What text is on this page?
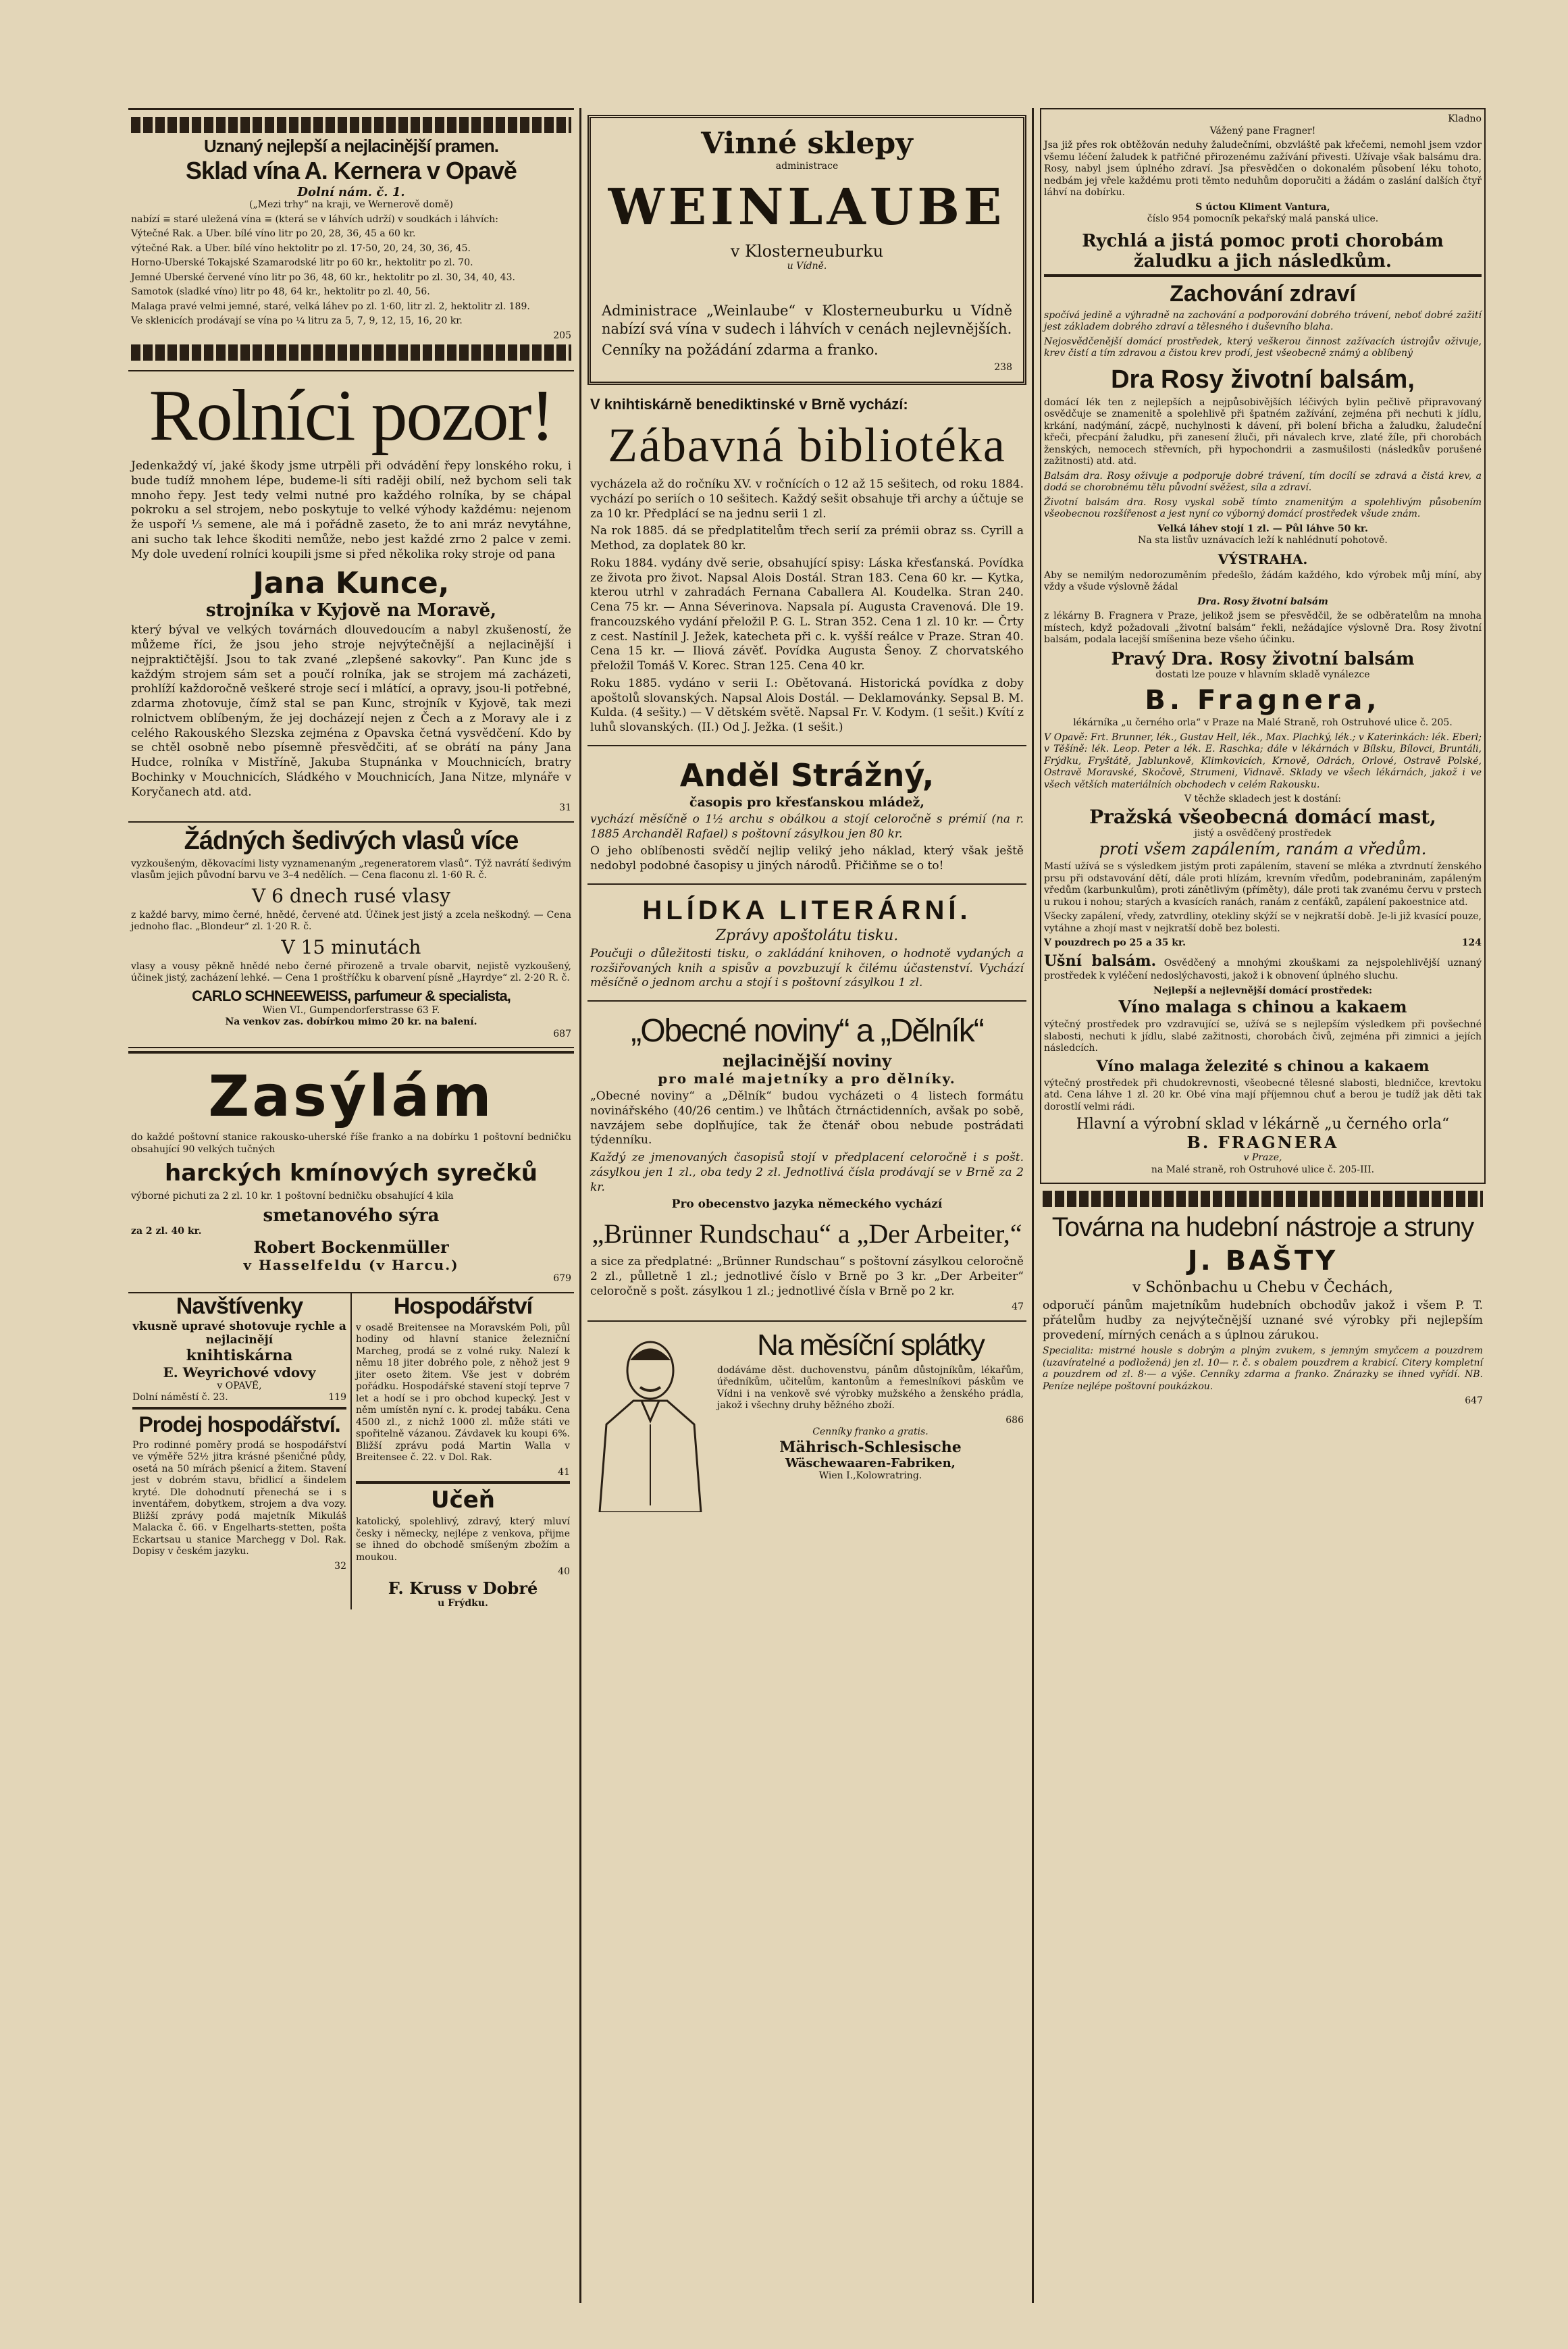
Uznaný nejlepší a nejlacinější pramen.
Sklad vína A. Kernera v Opavě
Dolní nám. č. 1.
(„Mezi trhy“ na kraji, ve Wernerově domě)

nabízí ≡ staré uležená vína ≡ (která se v láhvích udrží) v soudkách i láhvích:

Výtečné Rak. a Uber. bílé víno litr po 20, 28, 36, 45 a 60 kr.

výtečné Rak. a Uber. bílé víno hektolitr po zl. 17·50, 20, 24, 30, 36, 45.

Horno-Uberské Tokajské Szamarodské litr po 60 kr., hektolitr po zl. 70.

Jemné Uberské červené víno litr po 36, 48, 60 kr., hektolitr po zl. 30, 34, 40, 43.

Samotok (sladké víno) litr po 48, 64 kr., hektolitr po zl. 40, 56.

Malaga pravé velmi jemné, staré, velká láhev po zl. 1·60, litr zl. 2, hektolitr zl. 189.

Ve sklenicích prodávají se vína po ¼ litru za 5, 7, 9, 12, 15, 16, 20 kr.

205
Rolníci pozor!

Jedenkaždý ví, jaké škody jsme utrpěli při odvádění řepy lonského roku, i bude tudíž mnohem lépe, budeme-li síti raději obilí, než bychom seli tak mnoho řepy. Jest tedy velmi nutné pro každého rolníka, by se chápal pokroku a sel strojem, nebo poskytuje to velké výhody každému: nejenom že uspoří ⅓ semene, ale má i pořádně zaseto, že to ani mráz nevytáhne, ani sucho tak lehce škoditi nemůže, nebo jest každé zrno 2 palce v zemi. My dole uvedení rolníci koupili jsme si před několika roky stroje od pana

Jana Kunce,
strojníka v Kyjově na Moravě,

který býval ve velkých továrnách dlouvedoucím a nabyl zkušeností, že můžeme říci, že jsou jeho stroje nejvýtečnější a nejlacinější i nejpraktičtější. Jsou to tak zvané „zlepšené sakovky“. Pan Kunc jde s každým strojem sám set a poučí rolníka, jak se strojem má zacházeti, prohlíží každoročně veškeré stroje secí i mlátící, a opravy, jsou-li potřebné, zdarma zhotovuje, čímž stal se pan Kunc, strojník v Kyjově, tak mezi rolnictvem oblíbeným, že jej docházejí nejen z Čech a z Moravy ale i z celého Rakouského Slezska zejména z Opavska četná vysvědčení. Kdo by se chtěl osobně nebo písemně přesvědčiti, ať se obrátí na pány Jana Hudce, rolníka v Mistříně, Jakuba Stupnánka v Mouchnicích, bratry Bochinky v Mouchnicích, Sládkého v Mouchnicích, Jana Nitze, mlynáře v Koryčanech atd. atd.

31
Žádných šedivých vlasů více

vyzkoušeným, děkovacími listy vyznamenaným „regeneratorem vlasů“. Týž navrátí šedivým vlasům jejich původní barvu ve 3–4 nedělích. — Cena flaconu zl. 1·60 R. č.

V 6 dnech rusé vlasy

z každé barvy, mimo černé, hnědé, červené atd. Účinek jest jistý a zcela neškodný. — Cena jednoho flac. „Blondeur“ zl. 1·20 R. č.

V 15 minutách

vlasy a vousy pěkně hnědé nebo černé přirozeně a trvale obarvit, nejistě vyzkoušený, účinek jistý, zacházení lehké. — Cena 1 proštříčku k obarvení písně „Hayrdye“ zl. 2·20 R. č.

CARLO SCHNEEWEISS, parfumeur & specialista,
Wien VI., Gumpendorferstrasse 63 F.
Na venkov zas. dobírkou mimo 20 kr. na balení.
687
Zasýlám

do každé poštovní stanice rakousko-uherské říše franko a na dobírku 1 poštovní bedničku obsahující 90 velkých tučných

harckých kmínových syrečků

výborné pichuti za 2 zl. 10 kr. 1 poštovní bedničku obsahující 4 kila

smetanového sýra
za 2 zl. 40 kr.
Robert Bockenmüller
v Hasselfeldu (v Harcu.)
679
Navštívenky
vkusně upravé shotovuje rychle a nejlacinějí
knihtiskárna
E. Weyrichové vdovy
v OPAVĚ,
Dolní náměstí č. 23.	119
Prodej hospodářství.

Pro rodinné poměry prodá se hospodářství ve výměře 52½ jitra krásné pšeničné půdy, osetá na 50 mírách pšenicí a žitem. Stavení jest v dobrém stavu, břidlicí a šindelem kryté. Dle dohodnutí přenechá se i s inventářem, dobytkem, strojem a dva vozy. Bližší zprávy podá majetník Mikuláš Malacka č. 66. v Engelharts-stetten, pošta Eckartsau u stanice Marchegg v Dol. Rak. Dopisy v českém jazyku.

32
Hospodářství

v osadě Breitensee na Moravském Poli, půl hodiny od hlavní stanice železniční Marcheg, prodá se z volné ruky. Nalezí k němu 18 jiter dobrého pole, z něhož jest 9 jiter oseto žitem. Vše jest v dobrém pořádku. Hospodářské stavení stojí teprve 7 let a hodí se i pro obchod kupecký. Jest v něm umístěn nyní c. k. prodej tabáku. Cena 4500 zl., z nichž 1000 zl. může státi ve spořitelně vázanou. Závdavek ku koupi 6%. Bližší zprávu podá Martin Walla v Breitensee č. 22. v Dol. Rak.

41
Učeň

katolický, spolehlivý, zdravý, který mluví česky i německy, nejlépe z venkova, přijme se ihned do obchodě smíšeným zbožím a moukou.

40
F. Kruss v Dobré
u Frýdku.
Vinné sklepy
administrace
WEINLAUBE
v Klosterneuburku
u Vídně.

Administrace „Weinlaube“ v Klosterneuburku u Vídně nabízí svá vína v sudech i láhvích v cenách nejlevnějších.

Cenníky na požádání zdarma a franko.

238
V knihtiskárně benediktinské v Brně vychází:
Zábavná bibliotéka

vycházela až do ročníku XV. v ročnících o 12 až 15 sešitech, od roku 1884. vychází po seriích o 10 sešitech. Každý sešit obsahuje tři archy a účtuje se za 10 kr. Předplácí se na jednu serii 1 zl.

Na rok 1885. dá se předplatitelům třech serií za prémii obraz ss. Cyrill a Method, za doplatek 80 kr.

Roku 1884. vydány dvě serie, obsahující spisy: Láska křesťanská. Povídka ze života pro život. Napsal Alois Dostál. Stran 183. Cena 60 kr. — Kytka, kterou utrhl v zahradách Fernana Caballera Al. Koudelka. Stran 240. Cena 75 kr. — Anna Séverinova. Napsala pí. Augusta Cravenová. Dle 19. francouzského vydání přeložil P. G. L. Stran 352. Cena 1 zl. 10 kr. — Črty z cest. Nastínil J. Ježek, katecheta při c. k. vyšší reálce v Praze. Stran 40. Cena 15 kr. — Iliová závěť. Povídka Augusta Šenoy. Z chorvatského přeložil Tomáš V. Korec. Stran 125. Cena 40 kr.

Roku 1885. vydáno v serii I.: Obětovaná. Historická povídka z doby apoštolů slovanských. Napsal Alois Dostál. — Deklamovánky. Sepsal B. M. Kulda. (4 sešity.) — V dětském světě. Napsal Fr. V. Kodym. (1 sešit.) Kvítí z luhů slovanských. (II.) Od J. Ježka. (1 sešit.)

Anděl Strážný,
časopis pro křesťanskou mládež,

vychází měsíčně o 1½ archu s obálkou a stojí celoročně s prémií (na r. 1885 Archanděl Rafael) s poštovní zásylkou jen 80 kr.

O jeho oblíbenosti svědčí nejlip veliký jeho náklad, který však ještě nedobyl podobné časopisy u jiných národů. Přičiňme se o to!

HLÍDKA LITERÁRNÍ.
Zprávy apoštolátu tisku.

Poučuji o důležitosti tisku, o zakládání knihoven, o hodnotě vydaných a rozšiřovaných knih a spisův a povzbuzují k čilému účastenství. Vychází měsíčně o jednom archu a stojí i s poštovní zásylkou 1 zl.

„Obecné noviny“ a „Dělník“
nejlacinější noviny
pro malé majetníky a pro dělníky.

„Obecné noviny“ a „Dělník“ budou vycházeti o 4 listech formátu novinářského (40/26 centim.) ve lhůtách čtrnáctidenních, avšak po sobě, navzájem sebe doplňujíce, tak že čtenář obou nebude postrádati týdenníku.

Každý ze jmenovaných časopisů stojí v předplacení celoročně i s pošt. zásylkou jen 1 zl., oba tedy 2 zl. Jednotlivá čísla prodávají se v Brně za 2 kr.

Pro obecenstvo jazyka německého vychází

„Brünner Rundschau“ a „Der Arbeiter,“

a sice za předplatné: „Brünner Rundschau“ s poštovní zásylkou celoročně 2 zl., půlletně 1 zl.; jednotlivé číslo v Brně po 3 kr. „Der Arbeiter“ celoročně s pošt. zásylkou 1 zl.; jednotlivé čísla v Brně po 2 kr.

47
Na měsíční splátky

dodáváme děst. duchovenstvu, pánům důstojníkům, lékařům, úředníkům, učitelům, kantonům a řemeslníkovi páskům ve Vídni i na venkově své výrobky mužského a ženského prádla, jakož i všechny druhy běžného zboží.

686
Cenníky franko a gratis.
Mährisch-Schlesische
Wäschewaaren-Fabriken,
Wien I.,Kolowratring.
Kladno
Vážený pane Fragner!

Jsa již přes rok obtěžován neduhy žaludečními, obzvláště pak křečemi, nemohl jsem vzdor všemu léčení žaludek k patřičné přirozenému zažívání přivesti. Užívaje však balsámu dra. Rosy, nabyl jsem úplného zdraví. Jsa přesvědčen o dokonalém působení léku tohoto, nedbám jej vřele každému proti těmto neduhům doporučiti a žádám o zaslání dalších čtyř láhví na dobírku.

S úctou Kliment Vantura,
číslo 954 pomocník pekařský malá panská ulice.
Rychlá a jistá pomoc proti chorobám žaludku a jich následkům.
Zachování zdraví

spočívá jedině a výhradně na zachování a podporování dobrého trávení, neboť dobré zažití jest základem dobrého zdraví a tělesného i duševního blaha.

Nejosvědčenější domácí prostředek, který veškerou činnost zažívacích ústrojův oživuje, krev čistí a tím zdravou a čistou krev prodí, jest všeobecně známý a oblíbený

Dra Rosy životní balsám,

domácí lék ten z nejlepších a nejpůsobivějších léčivých bylin pečlivě připravovaný osvědčuje se znamenitě a spolehlivě při špatném zažívání, zejména při nechuti k jídlu, krkání, nadýmání, zácpě, nuchylnosti k dávení, při bolení břicha a žaludku, žaludeční křeči, přecpání žaludku, při zanesení žluči, při návalech krve, zlaté žíle, při chorobách ženských, nemocech střevních, při hypochondrii a zasmušilosti (následkův porušené zažitnosti) atd. atd.

Balsám dra. Rosy oživuje a podporuje dobré trávení, tím docílí se zdravá a čistá krev, a dodá se chorobnému tělu původní svěžest, síla a zdraví.

Životní balsám dra. Rosy vyskal sobě tímto znamenitým a spolehlivým působením všeobecnou rozšířenost a jest nyní co výborný domácí prostředek všude znám.

Velká láhev stojí 1 zl. — Půl láhve 50 kr.
Na sta listův uznávacích leží k nahlédnutí pohotově.
VÝSTRAHA.

Aby se nemilým nedorozuměním předešlo, žádám každého, kdo výrobek můj míní, aby vždy a všude výslovně žádal

Dra. Rosy životní balsám

z lékárny B. Fragnera v Praze, jelikož jsem se přesvědčil, že se odběratelům na mnoha místech, když požadovali „životní balsám“ řekli, nežádajíce výslovně Dra. Rosy životní balsám, podala lacejší smíšenina beze všeho účinku.

Pravý Dra. Rosy životní balsám
dostati lze pouze v hlavním skladě vynálezce
B. Fragnera,
lékárníka „u černého orla“ v Praze na Malé Straně, roh Ostruhové ulice č. 205.

V Opavě: Frt. Brunner, lék., Gustav Hell, lék., Max. Plachký, lék.; v Katerinkách: lék. Eberl; v Těšíně: lék. Leop. Peter a lék. E. Raschka; dále v lékárnách v Bílsku, Bílovci, Bruntáli, Frýdku, Fryštátě, Jablunkově, Klimkovicích, Krnově, Odrách, Orlové, Ostravě Polské, Ostravě Moravské, Skočově, Strumeni, Vidnavě. Sklady ve všech lékárnách, jakož i ve všech větších materiálních obchodech v celém Rakousku.

V těchže skladech jest k dostání:
Pražská všeobecná domácí mast,
jistý a osvědčený prostředek
proti všem zapálením, ranám a vředům.

Mastí užívá se s výsledkem jistým proti zapálením, stavení se mléka a ztvrdnutí ženského prsu při odstavování dětí, dále proti hlízám, krevním vředům, podebraninám, zapáleným vředům (karbunkulům), proti zánětlivým (příměty), dále proti tak zvanému červu v prstech u rukou i nohou; starých a kvasících ranách, ranám z cenťáků, zapálení pakoestnice atd.

Všecky zapálení, vředy, zatvrdliny, otekliny skýží se v nejkratší době. Je-li již kvasící pouze, vytáhne a zhojí mast v nejkratší době bez bolesti.

V pouzdrech po 25 a 35 kr.	124

Ušní balsám. Osvědčený a mnohými zkouškami za nejspolehlivější uznaný prostředek k vyléčení nedoslýchavosti, jakož i k obnovení úplného sluchu.

Nejlepší a nejlevnější domácí prostředek:
Víno malaga s chinou a kakaem

výtečný prostředek pro vzdravující se, užívá se s nejlepším výsledkem při povšechné slabosti, nechuti k jídlu, slabé zažitnosti, chorobách čivů, zejména při zimnici a jejích následcích.

Víno malaga železité s chinou a kakaem

výtečný prostředek při chudokrevnosti, všeobecné tělesné slabosti, bledničce, krevtoku atd. Cena láhve 1 zl. 20 kr. Obé vína mají příjemnou chuť a berou je tudíž jak děti tak dorostlí velmi rádi.

Hlavní a výrobní sklad v lékárně „u černého orla“
B. FRAGNERA
v Praze,
na Malé straně, roh Ostruhové ulice č. 205-III.
Továrna na hudební nástroje a struny
J. BAŠTY
v Schönbachu u Chebu v Čechách,

odporučí pánům majetníkům hudebních obchodův jakož i všem P. T. přátelům hudby za nejvýtečnější uznané své výrobky při nejlepším provedení, mírných cenách a s úplnou zárukou.

Specialita: mistrné housle s dobrým a plným zvukem, s jemným smyčcem a pouzdrem (uzavíratelné a podložená) jen zl. 10— r. č. s obalem pouzdrem a krabicí. Citery kompletní a pouzdrem od zl. 8·— a výše. Cenníky zdarma a franko. Znárazky se ihned vyřídí. NB. Peníze nejlépe poštovní poukázkou.

647
